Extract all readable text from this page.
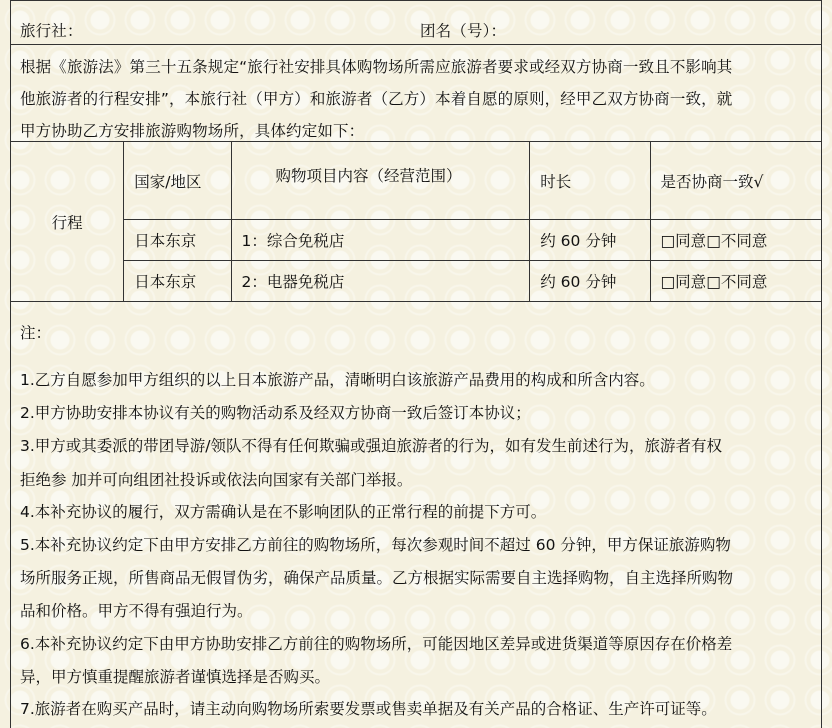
旅行社：	团名（号）：
根据《旅游法》第三十五条规定“旅行社安排具体购物场所需应旅游者要求或经双方协商一致且不影响其
他旅游者的行程安排”，本旅行社（甲方）和旅游者（乙方）本着自愿的原则，经甲乙双方协商一致，就
甲方协助乙方安排旅游购物场所，具体约定如下：
行程	国家/地区	购物项目内容（经营范围）	时长	是否协商一致√
	日本东京	1：综合免税店	约 60 分钟	□同意□不同意
	日本东京	2：电器免税店	约 60 分钟	□同意□不同意
注：
1.乙方自愿参加甲方组织的以上日本旅游产品，清晰明白该旅游产品费用的构成和所含内容。
2.甲方协助安排本协议有关的购物活动系及经双方协商一致后签订本协议；
3.甲方或其委派的带团导游/领队不得有任何欺骗或强迫旅游者的行为，如有发生前述行为，旅游者有权
拒绝参 加并可向组团社投诉或依法向国家有关部门举报。
4.本补充协议的履行，双方需确认是在不影响团队的正常行程的前提下方可。
5.本补充协议约定下由甲方安排乙方前往的购物场所，每次参观时间不超过 60 分钟，甲方保证旅游购物
场所服务正规，所售商品无假冒伪劣，确保产品质量。乙方根据实际需要自主选择购物，自主选择所购物
品和价格。甲方不得有强迫行为。
6.本补充协议约定下由甲方协助安排乙方前往的购物场所，可能因地区差异或进货渠道等原因存在价格差
异，甲方慎重提醒旅游者谨慎选择是否购买。
7.旅游者在购买产品时，请主动向购物场所索要发票或售卖单据及有关产品的合格证、生产许可证等。
